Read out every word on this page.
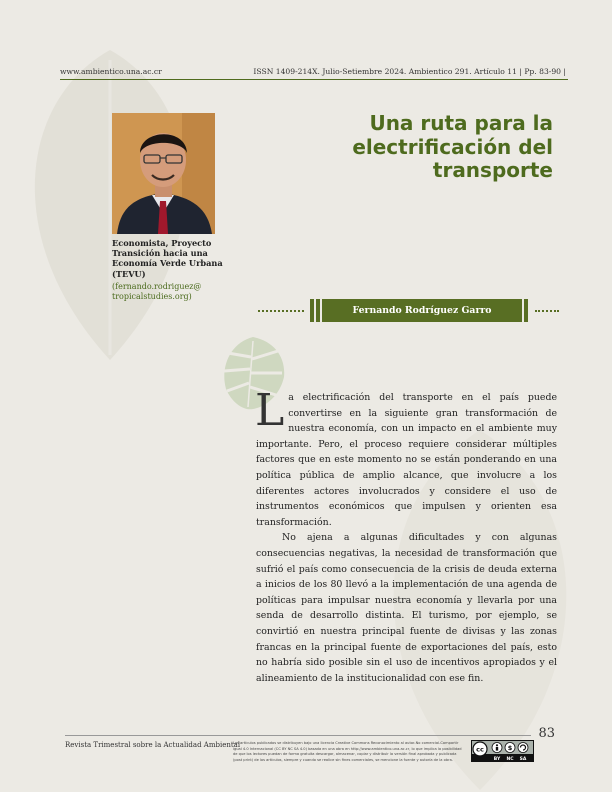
www.ambientico.una.ac.cr	ISSN 1409-214X. Julio-Setiembre 2024. Ambientico 291. Artículo 11 | Pp. 83-90 |
Economista, Proyecto Transición hacia una Economía Verde Urbana (TEVU)
(fernando.rodriguez@ tropicalstudies.org)
Una ruta para la
electrificación del
transporte
Fernando Rodríguez Garro

La electrificación del transporte en el país puede convertirse en la siguiente gran transformación de nuestra economía, con un impacto en el ambiente muy importante. Pero, el proceso requiere considerar múltiples factores que en este momento no se están ponderando en una política pública de amplio alcance, que involucre a los diferentes actores involucrados y considere el uso de instrumentos económicos que impulsen y orienten esa transformación.

No ajena a algunas dificultades y con algunas consecuencias negativas, la necesidad de transformación que sufrió el país como consecuencia de la crisis de deuda externa a inicios de los 80 llevó a la implementación de una agenda de políticas para impulsar nuestra economía y llevarla por una senda de desarrollo distinta. El turismo, por ejemplo, se convirtió en nuestra principal fuente de divisas y las zonas francas en la principal fuente de exportaciones del país, esto no habría sido posible sin el uso de incentivos apropiados y el alineamiento de la institucionalidad con ese fin.

83
Revista Trimestral sobre la Actualidad Ambiental
Los artículos publicados se distribuyen bajo una licencia Creative Commons Reconocimiento al autor-No comercial-Compartir igual 4.0 Internacional (CC BY NC SA 4.0) basada en una obra en http://www.ambientico.una.ac.cr, lo que implica la posibilidad de que los lectores puedan de forma gratuita descargar, almacenar, copiar y distribuir la versión final aprobada y publicada (post print) de los artículos, siempre y cuando se realice sin fines comerciales, se mencione la fuente y autoría de la obra.
cc	$
BY NC SA
